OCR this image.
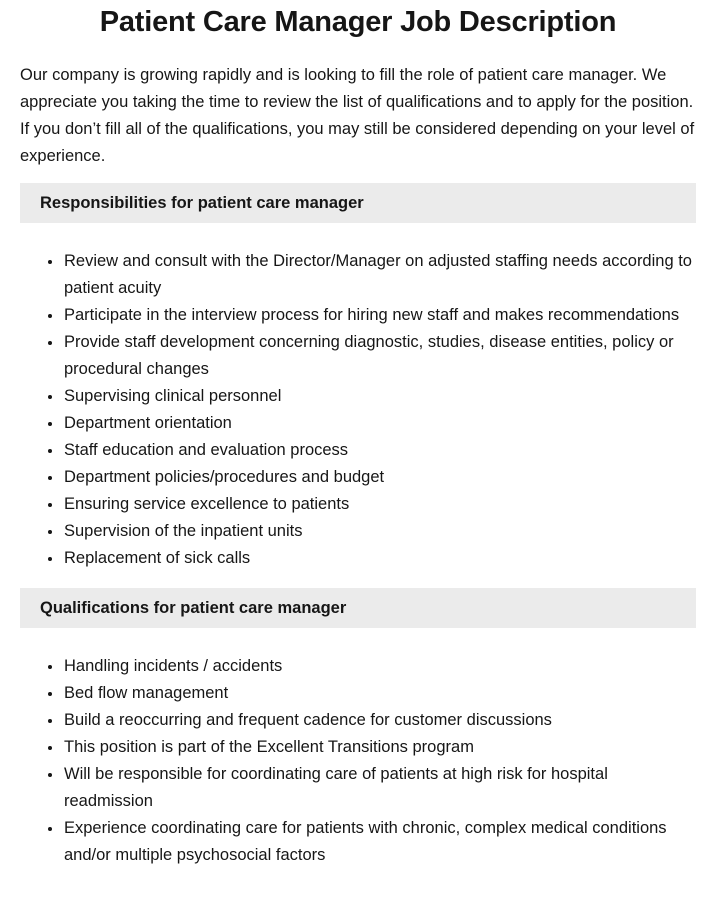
Patient Care Manager Job Description

Our company is growing rapidly and is looking to fill the role of patient care manager. We appreciate you taking the time to review the list of qualifications and to apply for the position. If you don’t fill all of the qualifications, you may still be considered depending on your level of experience.

Responsibilities for patient care manager
• Review and consult with the Director/Manager on adjusted staffing needs according to patient acuity
• Participate in the interview process for hiring new staff and makes recommendations
• Provide staff development concerning diagnostic, studies, disease entities, policy or procedural changes
• Supervising clinical personnel
• Department orientation
• Staff education and evaluation process
• Department policies/procedures and budget
• Ensuring service excellence to patients
• Supervision of the inpatient units
• Replacement of sick calls
Qualifications for patient care manager
• Handling incidents / accidents
• Bed flow management
• Build a reoccurring and frequent cadence for customer discussions
• This position is part of the Excellent Transitions program
• Will be responsible for coordinating care of patients at high risk for hospital readmission
• Experience coordinating care for patients with chronic, complex medical conditions and/or multiple psychosocial factors
